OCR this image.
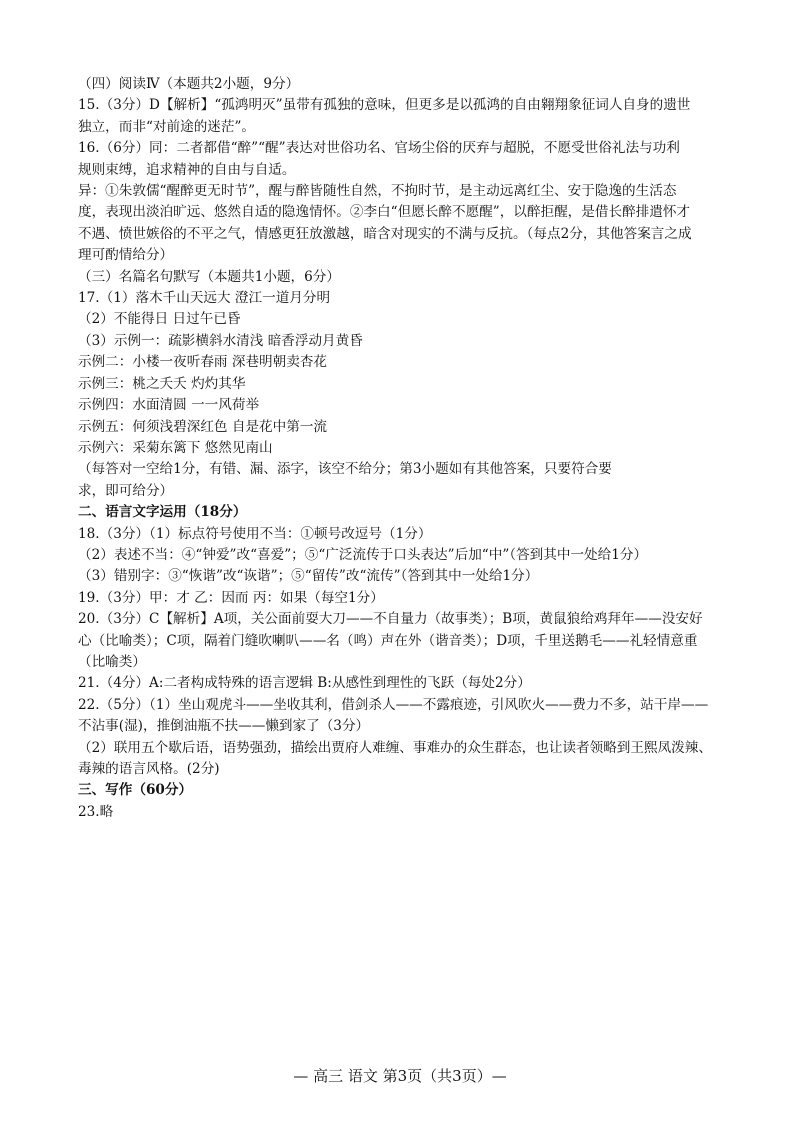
（四）阅读Ⅳ（本题共2小题，9分）
15.（3分）D【解析】“孤鸿明灭”虽带有孤独的意味，但更多是以孤鸿的自由翱翔象征词人自身的遗世
独立，而非“对前途的迷茫”。
16.（6分）同：二者都借“醉”“醒”表达对世俗功名、官场尘俗的厌弃与超脱，不愿受世俗礼法与功利
规则束缚，追求精神的自由与自适。
异：①朱敦儒“醒醉更无时节”，醒与醉皆随性自然，不拘时节，是主动远离红尘、安于隐逸的生活态
度，表现出淡泊旷远、悠然自适的隐逸情怀。②李白“但愿长醉不愿醒”，以醉拒醒，是借长醉排遣怀才
不遇、愤世嫉俗的不平之气，情感更狂放激越，暗含对现实的不满与反抗。（每点2分，其他答案言之成
理可酌情给分）
（三）名篇名句默写（本题共1小题，6分）
17.（1）落木千山天远大 澄江一道月分明
（2）不能得日 日过午已昏
（3）示例一：疏影横斜水清浅 暗香浮动月黄昏
示例二：小楼一夜听春雨 深巷明朝卖杏花
示例三：桃之夭夭 灼灼其华
示例四：水面清圆 一一风荷举
示例五：何须浅碧深红色 自是花中第一流
示例六：采菊东篱下 悠然见南山
（每答对一空给1分，有错、漏、添字，该空不给分；第3小题如有其他答案，只要符合要
求，即可给分）
二、语言文字运用（18分）
18.（3分）（1）标点符号使用不当：①顿号改逗号（1分）
（2）表述不当：④“钟爱”改“喜爱”；⑤“广泛流传于口头表达”后加“中”（答到其中一处给1分）
（3）错别字：③“恢谐”改“诙谐”；⑤“留传”改“流传”（答到其中一处给1分）
19.（3分）甲：才 乙：因而 丙：如果（每空1分）
20.（3分）C【解析】A项，关公面前耍大刀——不自量力（故事类）；B项，黄鼠狼给鸡拜年——没安好
心（比喻类）；C项，隔着门缝吹喇叭——名（鸣）声在外（谐音类）；D项，千里送鹅毛——礼轻情意重
（比喻类）
21.（4分）A:二者构成特殊的语言逻辑 B:从感性到理性的飞跃（每处2分）
22.（5分）（1）坐山观虎斗——坐收其利，借剑杀人——不露痕迹，引风吹火——费力不多，站干岸——
不沾事(湿)，推倒油瓶不扶——懒到家了（3分）
（2）联用五个歇后语，语势强劲，描绘出贾府人难缠、事难办的众生群态，也让读者领略到王熙凤泼辣、
毒辣的语言风格。(2分)
三、写作（60分）
23.略
— 高三 语文 第3页（共3页）—
